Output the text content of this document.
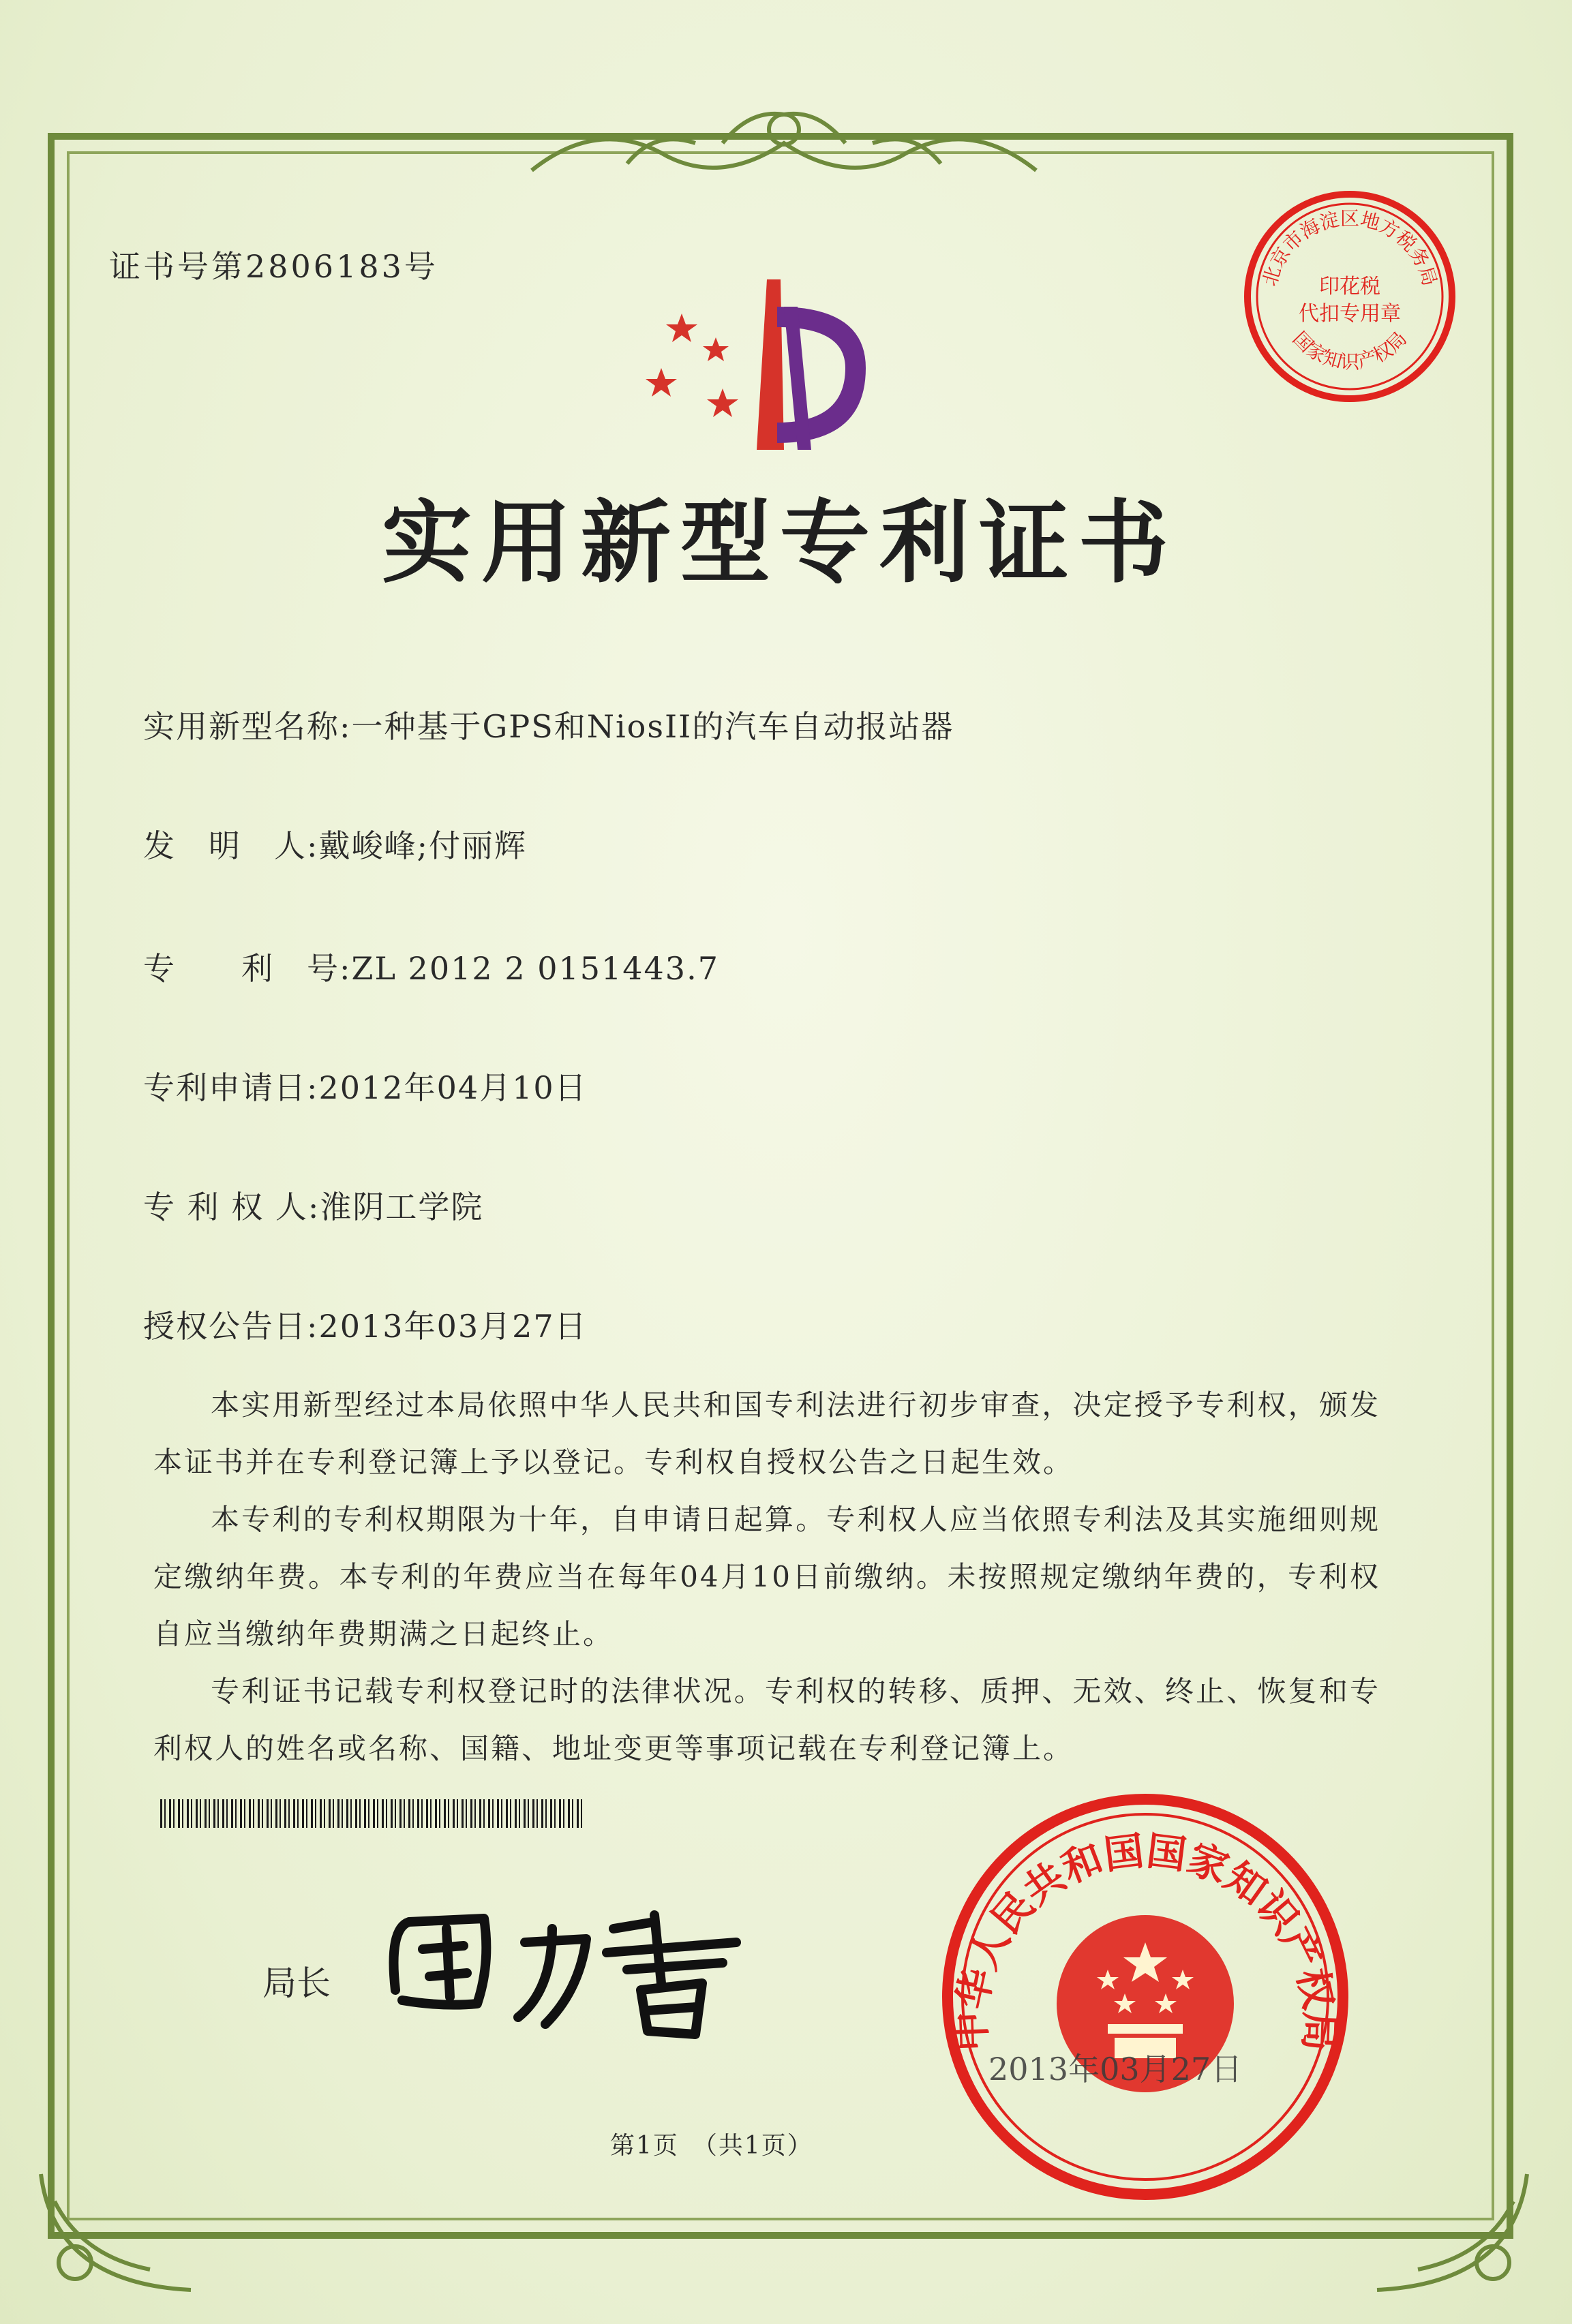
证书号第2806183号	北京市海淀区地方税务局
国家知识产权局
印花税
代扣专用章
实用新型专利证书
实用新型名称:一种基于GPS和NiosII的汽车自动报站器
发　明　人:戴峻峰;付丽辉
专　　利　号:ZL 2012 2 0151443.7
专利申请日:2012年04月10日
专 利 权 人:淮阴工学院
授权公告日:2013年03月27日

本实用新型经过本局依照中华人民共和国专利法进行初步审查，决定授予专利权，颁发本证书并在专利登记簿上予以登记。专利权自授权公告之日起生效。

本专利的专利权期限为十年，自申请日起算。专利权人应当依照专利法及其实施细则规定缴纳年费。本专利的年费应当在每年04月10日前缴纳。未按照规定缴纳年费的，专利权自应当缴纳年费期满之日起终止。

专利证书记载专利权登记时的法律状况。专利权的转移、质押、无效、终止、恢复和专利权人的姓名或名称、国籍、地址变更等事项记载在专利登记簿上。

局长
中华人民共和国国家知识产权局
2013年03月27日
第1页　（共1页）
